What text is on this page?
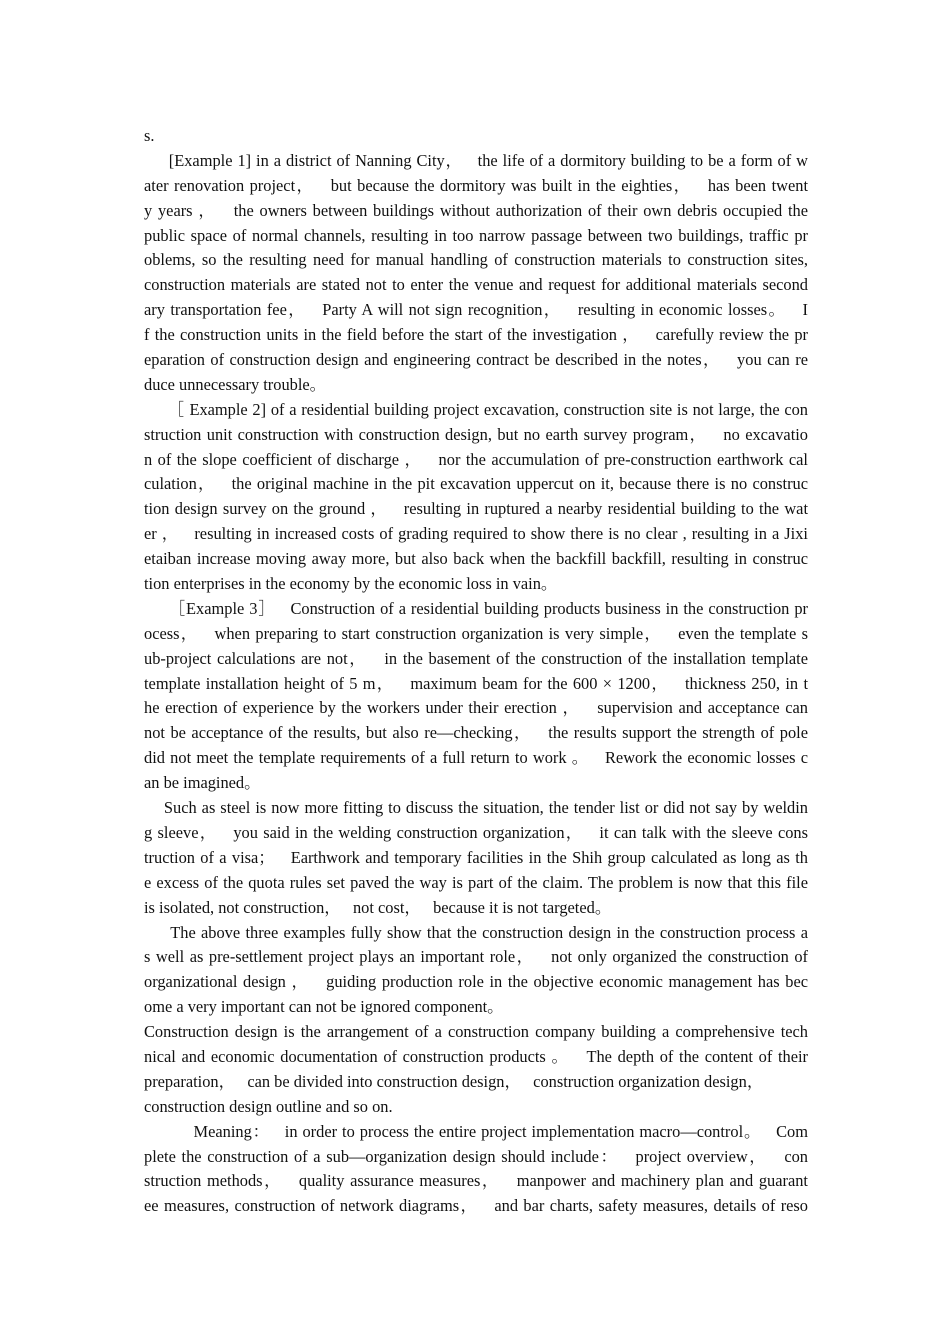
s.
[Example 1] in a district of Nanning City，   the life of a dormitory building to be a form of w
ater renovation project，   but because the dormitory was built in the eighties，   has been twent
y years ，   the owners between buildings without authorization of their own debris occupied the
public space of normal channels, resulting in too narrow passage between two buildings, traffic pr
oblems, so the resulting need for manual handling of construction materials to construction sites,
construction materials are stated not to enter the venue and request for additional materials second
ary transportation fee，   Party A will not sign recognition，   resulting in economic losses。   I
f the construction units in the field before the start of the investigation ，   carefully review the pr
eparation of construction design and engineering contract be described in the notes，   you can re
duce unnecessary trouble。
［ Example 2] of a residential building project excavation, construction site is not large, the con
struction unit construction with construction design, but no earth survey program，   no excavatio
n of the slope coefficient of discharge ，   nor the accumulation of pre-construction earthwork cal
culation，   the original machine in the pit excavation uppercut on it, because there is no construc
tion design survey on the ground ，   resulting in ruptured a nearby residential building to the wat
er ，   resulting in increased costs of grading required to show there is no clear , resulting in a Jixi
etaiban increase moving away more, but also back when the backfill backfill, resulting in construc
tion enterprises in the economy by the economic loss in vain。
［Example 3］   Construction of a residential building products business in the construction pr
ocess，   when preparing to start construction organization is very simple，   even the template s
ub-project calculations are not，   in the basement of the construction of the installation template
template installation height of 5 m，   maximum beam for the 600 × 1200，   thickness 250, in t
he erection of experience by the workers under their erection ，   supervision and acceptance can
not be acceptance of the results, but also re—checking，   the results support the strength of pole
did not meet the template requirements of a full return to work 。   Rework the economic losses c
an be imagined。
Such as steel is now more fitting to discuss the situation, the tender list or did not say by weldin
g sleeve，   you said in the welding construction organization，   it can talk with the sleeve cons
truction of a visa；   Earthwork and temporary facilities in the Shih group calculated as long as th
e excess of the quota rules set paved the way is part of the claim. The problem is now that this file
is isolated, not construction，   not cost，   because it is not targeted。
The above three examples fully show that the construction design in the construction process a
s well as pre-settlement project plays an important role，   not only organized the construction of
organizational design ，   guiding production role in the objective economic management has bec
ome a very important can not be ignored component。
Construction design is the arrangement of a construction company building a comprehensive tech
nical and economic documentation of construction products 。   The depth of the content of their
preparation，   can be divided into construction design，   construction organization design，
construction design outline and so on.
Meaning：   in order to process the entire project implementation macro—control。   Com
plete the construction of a sub—organization design should include：   project overview，   con
struction methods，   quality assurance measures，   manpower and machinery plan and guarant
ee measures, construction of network diagrams，   and bar charts, safety measures, details of reso
